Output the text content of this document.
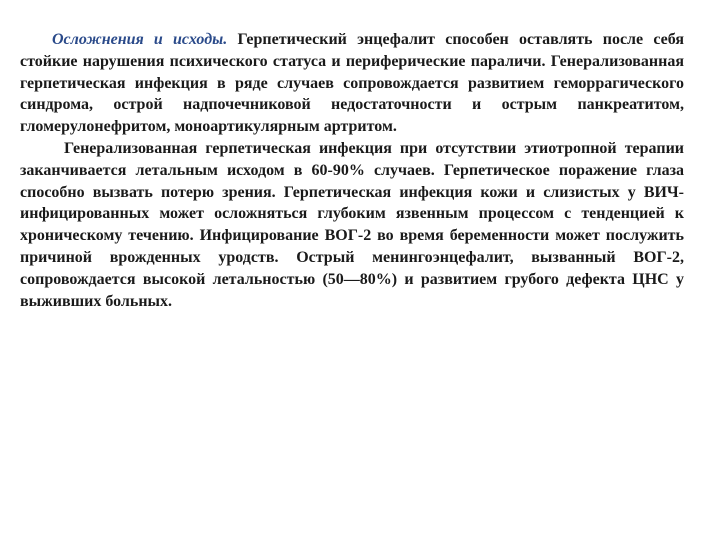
Осложнения и исходы. Герпетический энцефалит способен оставлять после себя стойкие нарушения психического статуса и периферические параличи. Генерализованная герпетическая инфекция в ряде случаев сопровождается развитием геморрагического синдрома, острой надпочечниковой недостаточности и острым панкреатитом, гломерулонефритом, моноартикулярным артритом.

Генерализованная герпетическая инфекция при отсутствии этиотропной терапии заканчивается летальным исходом в 60-90% случаев. Герпетическое поражение глаза способно вызвать потерю зрения. Герпетическая инфекция кожи и слизистых у ВИЧ-инфицированных может осложняться глубоким язвенным процессом с тенденцией к хроническому течению. Инфицирование ВОГ-2 во время беременности может послужить причиной врожденных уродств. Острый менингоэнцефалит, вызванный ВОГ-2, сопровождается высокой летальностью (50—80%) и развитием грубого дефекта ЦНС у выживших больных.
